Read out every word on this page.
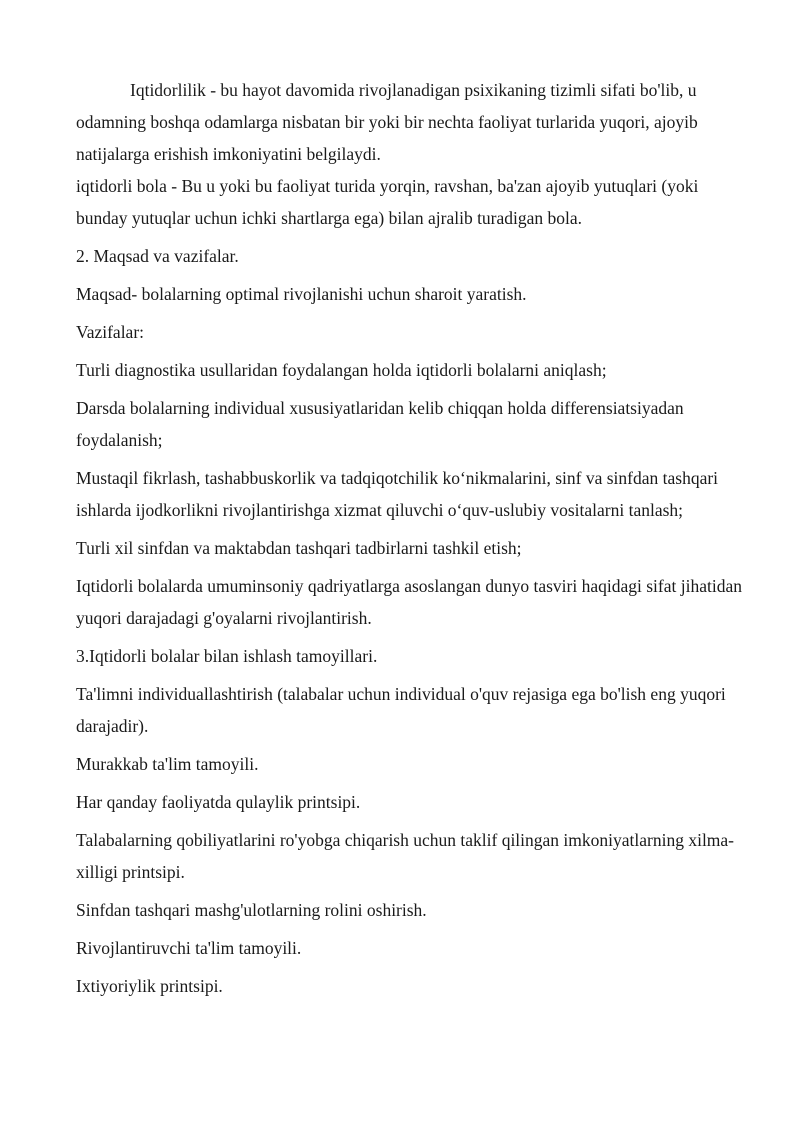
Iqtidorlilik - bu hayot davomida rivojlanadigan psixikaning tizimli sifati bo'lib, u odamning boshqa odamlarga nisbatan bir yoki bir nechta faoliyat turlarida yuqori, ajoyib natijalarga erishish imkoniyatini belgilaydi.

iqtidorli bola - Bu u yoki bu faoliyat turida yorqin, ravshan, ba'zan ajoyib yutuqlari (yoki bunday yutuqlar uchun ichki shartlarga ega) bilan ajralib turadigan bola.

2. Maqsad va vazifalar.

Maqsad- bolalarning optimal rivojlanishi uchun sharoit yaratish.

Vazifalar:

Turli diagnostika usullaridan foydalangan holda iqtidorli bolalarni aniqlash;

Darsda bolalarning individual xususiyatlaridan kelib chiqqan holda differensiatsiyadan foydalanish;

Mustaqil fikrlash, tashabbuskorlik va tadqiqotchilik ko‘nikmalarini, sinf va sinfdan tashqari ishlarda ijodkorlikni rivojlantirishga xizmat qiluvchi o‘quv-uslubiy vositalarni tanlash;

Turli xil sinfdan va maktabdan tashqari tadbirlarni tashkil etish;

Iqtidorli bolalarda umuminsoniy qadriyatlarga asoslangan dunyo tasviri haqidagi sifat jihatidan yuqori darajadagi g'oyalarni rivojlantirish.

3.Iqtidorli bolalar bilan ishlash tamoyillari.

Ta'limni individuallashtirish (talabalar uchun individual o'quv rejasiga ega bo'lish eng yuqori darajadir).

Murakkab ta'lim tamoyili.

Har qanday faoliyatda qulaylik printsipi.

Talabalarning qobiliyatlarini ro'yobga chiqarish uchun taklif qilingan imkoniyatlarning xilma-xilligi printsipi.

Sinfdan tashqari mashg'ulotlarning rolini oshirish.

Rivojlantiruvchi ta'lim tamoyili.

Ixtiyoriylik printsipi.
